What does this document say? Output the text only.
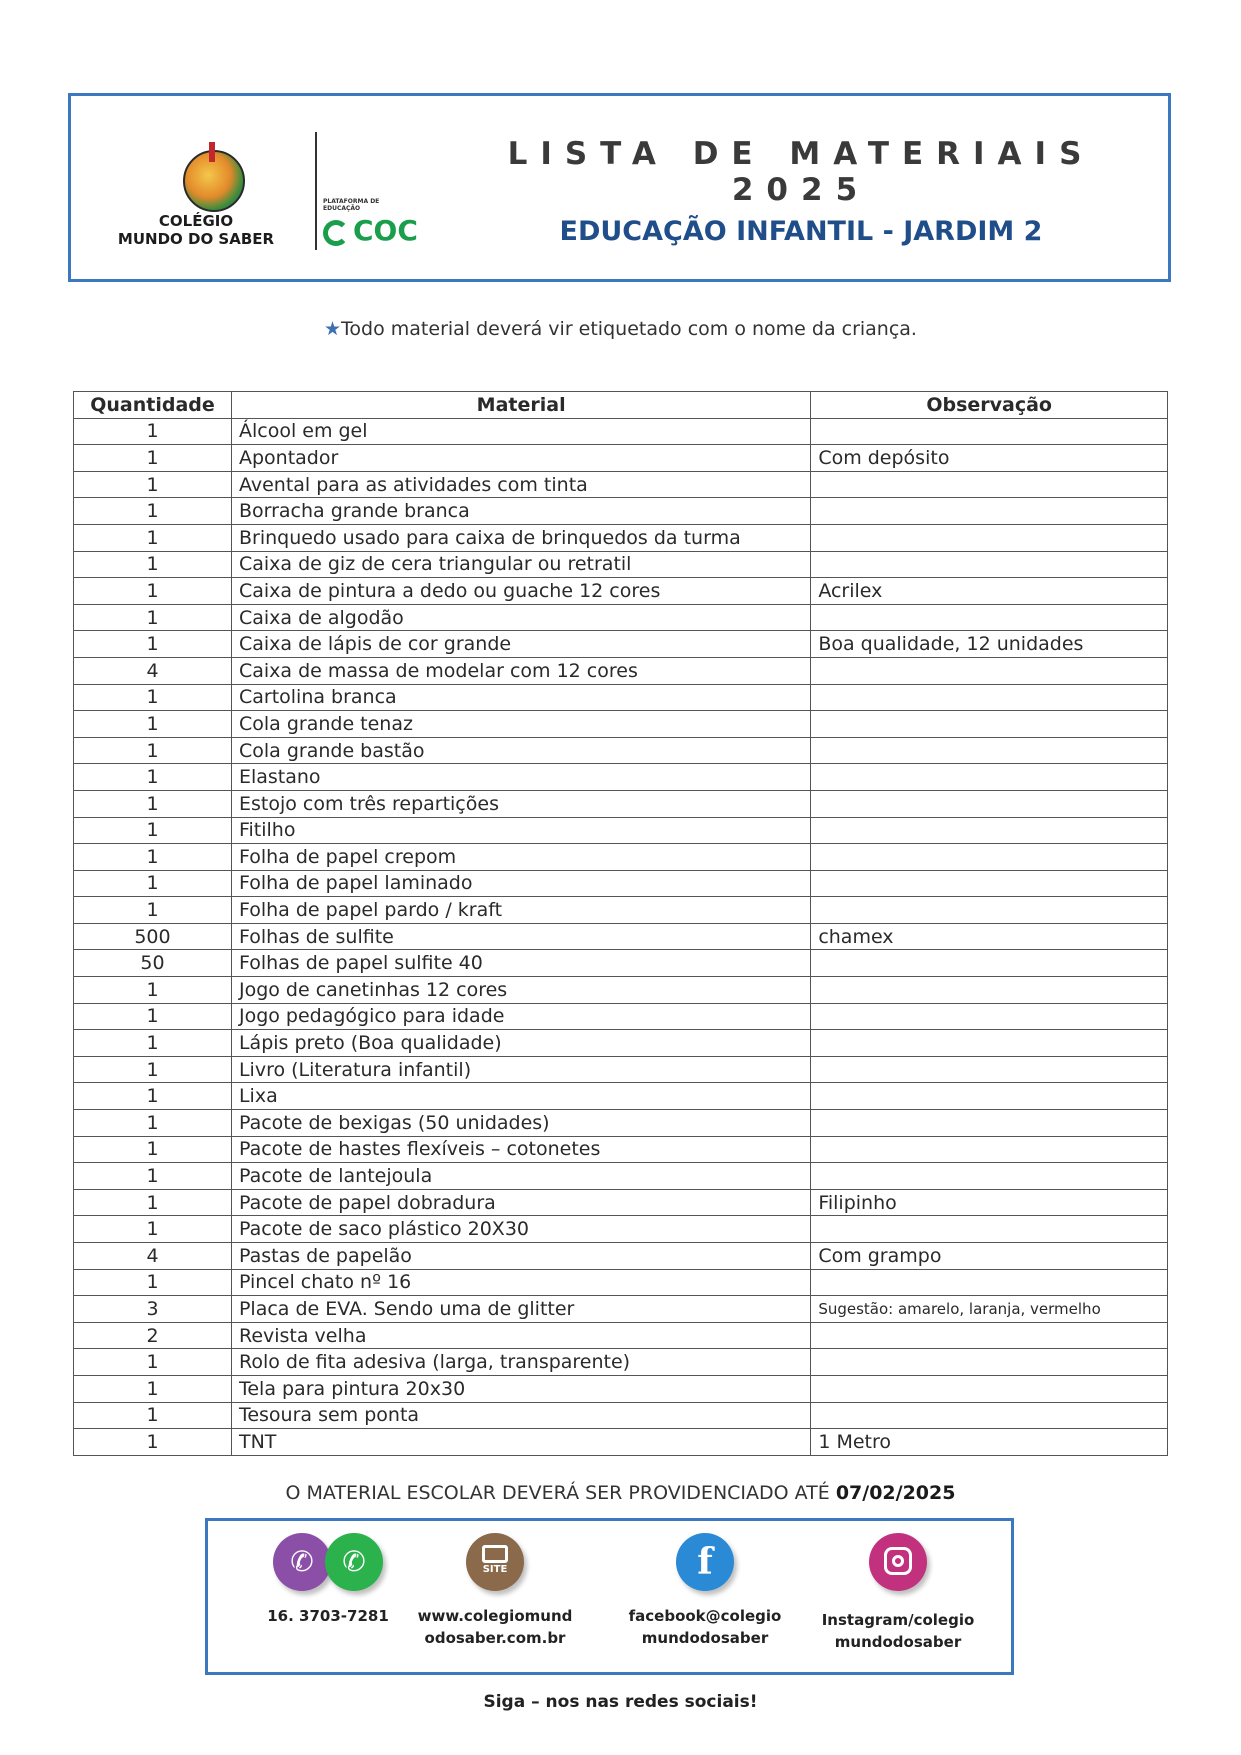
COLÉGIO
MUNDO DO SABER
PLATAFORMA DE EDUCAÇÃO
COC
LISTA DE MATERIAIS 2025
EDUCAÇÃO INFANTIL - JARDIM 2
★Todo material deverá vir etiquetado com o nome da criança.
Quantidade	Material	Observação
1	Álcool em gel	
1	Apontador	Com depósito
1	Avental para as atividades com tinta	
1	Borracha grande branca	
1	Brinquedo usado para caixa de brinquedos da turma	
1	Caixa de giz de cera triangular ou retratil	
1	Caixa de pintura a dedo ou guache 12 cores	Acrilex
1	Caixa de algodão	
1	Caixa de lápis de cor grande	Boa qualidade, 12 unidades
4	Caixa de massa de modelar com 12 cores	
1	Cartolina branca	
1	Cola grande tenaz	
1	Cola grande bastão	
1	Elastano	
1	Estojo com três repartições	
1	Fitilho	
1	Folha de papel crepom	
1	Folha de papel laminado	
1	Folha de papel pardo / kraft	
500	Folhas de sulfite	chamex
50	Folhas de papel sulfite 40	
1	Jogo de canetinhas 12 cores	
1	Jogo pedagógico para idade	
1	Lápis preto (Boa qualidade)	
1	Livro (Literatura infantil)	
1	Lixa	
1	Pacote de bexigas (50 unidades)	
1	Pacote de hastes flexíveis – cotonetes	
1	Pacote de lantejoula	
1	Pacote de papel dobradura	Filipinho
1	Pacote de saco plástico 20X30	
4	Pastas de papelão	Com grampo
1	Pincel chato nº 16	
3	Placa de EVA. Sendo uma de glitter	Sugestão: amarelo, laranja, vermelho
2	Revista velha	
1	Rolo de fita adesiva (larga, transparente)	
1	Tela para pintura 20x30	
1	Tesoura sem ponta	
1	TNT	1 Metro
O MATERIAL ESCOLAR DEVERÁ SER PROVIDENCIADO ATÉ 07/02/2025
✆ ✆
16. 3703-7281
SITE
www.colegiomund
odosaber.com.br
f
facebook@colegio
mundodosaber
Instagram/colegio
mundodosaber
Siga – nos nas redes sociais!
